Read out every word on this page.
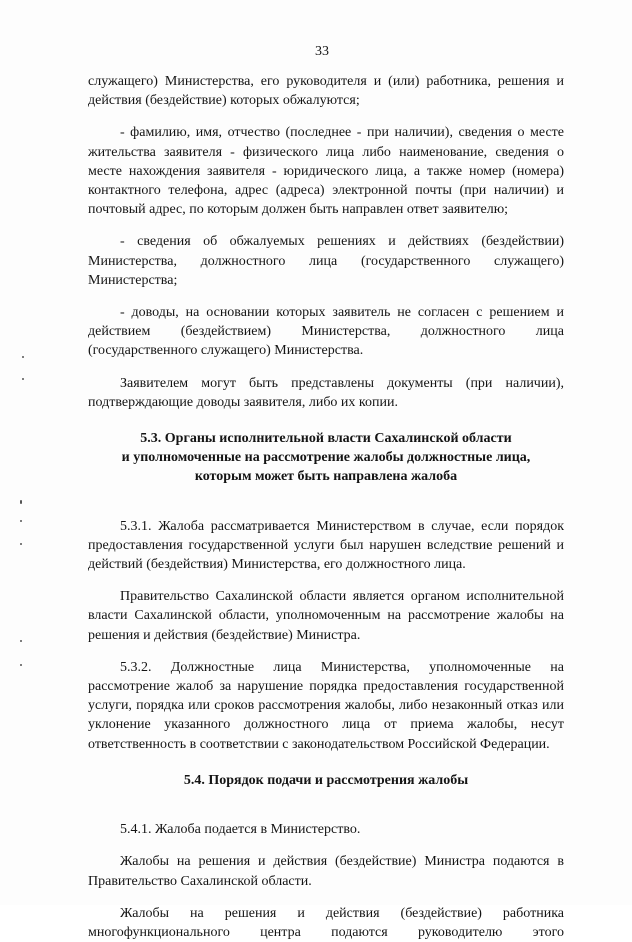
33

служащего) Министерства, его руководителя и (или) работника, решения и действия (бездействие) которых обжалуются;

- фамилию, имя, отчество (последнее - при наличии), сведения о месте жительства заявителя - физического лица либо наименование, сведения о месте нахождения заявителя - юридического лица, а также номер (номера) контактного телефона, адрес (адреса) электронной почты (при наличии) и почтовый адрес, по которым должен быть направлен ответ заявителю;

- сведения об обжалуемых решениях и действиях (бездействии) Министерства, должностного лица (государственного служащего) Министерства;

- доводы, на основании которых заявитель не согласен с решением и действием (бездействием) Министерства, должностного лица (государственного служащего) Министерства.

Заявителем могут быть представлены документы (при наличии), подтверждающие доводы заявителя, либо их копии.

5.3. Органы исполнительной власти Сахалинской области
и уполномоченные на рассмотрение жалобы должностные лица,
которым может быть направлена жалоба

5.3.1. Жалоба рассматривается Министерством в случае, если порядок предоставления государственной услуги был нарушен вследствие решений и действий (бездействия) Министерства, его должностного лица.

Правительство Сахалинской области является органом исполнительной власти Сахалинской области, уполномоченным на рассмотрение жалобы на решения и действия (бездействие) Министра.

5.3.2. Должностные лица Министерства, уполномоченные на рассмотрение жалоб за нарушение порядка предоставления государственной услуги, порядка или сроков рассмотрения жалобы, либо незаконный отказ или уклонение указанного должностного лица от приема жалобы, несут ответственность в соответствии с законодательством Российской Федерации.

5.4. Порядок подачи и рассмотрения жалобы

5.4.1. Жалоба подается в Министерство.

Жалобы на решения и действия (бездействие) Министра подаются в Правительство Сахалинской области.

Жалобы на решения и действия (бездействие) работника многофункционального центра подаются руководителю этого
